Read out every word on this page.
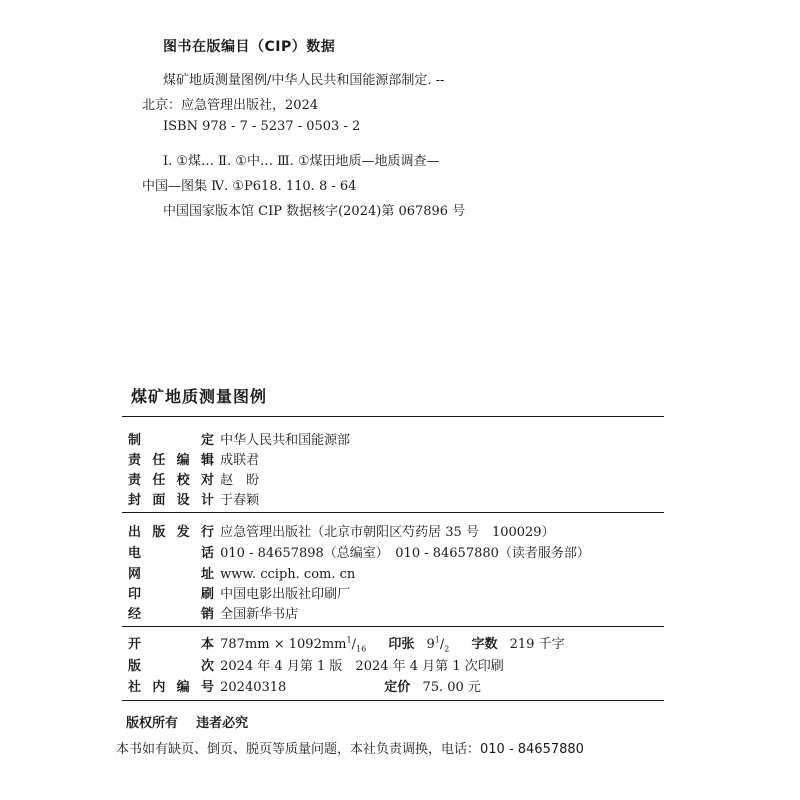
图书在版编目（CIP）数据
煤矿地质测量图例/中华人民共和国能源部制定. --
北京：应急管理出版社，2024
ISBN 978 - 7 - 5237 - 0503 - 2
Ⅰ. ①煤… Ⅱ. ①中… Ⅲ. ①煤田地质—地质调查—
中国—图集 Ⅳ. ①P618. 110. 8 - 64
中国国家版本馆 CIP 数据核字(2024)第 067896 号
煤矿地质测量图例
制　定 中华人民共和国能源部
责任编辑 成联君
责任校对 赵　盼
封面设计 于春颖
出版发行 应急管理出版社（北京市朝阳区芍药居 35 号　100029）
电　话 010 - 84657898（总编室）　010 - 84657880（读者服务部）
网　址 www. cciph. com. cn
印　刷 中国电影出版社印刷厂
经　销 全国新华书店
开　本 $787mm \times 1092mm^1/_{16}$ 印张 $9^1/_2$ 字数 219 千字
版　次 2024 年 4 月第 1 版　2024 年 4 月第 1 次印刷
社内编号 20240318	定价 75. 00 元
版权所有 违者必究
本书如有缺页、倒页、脱页等质量问题，本社负责调换，电话：010 - 84657880
